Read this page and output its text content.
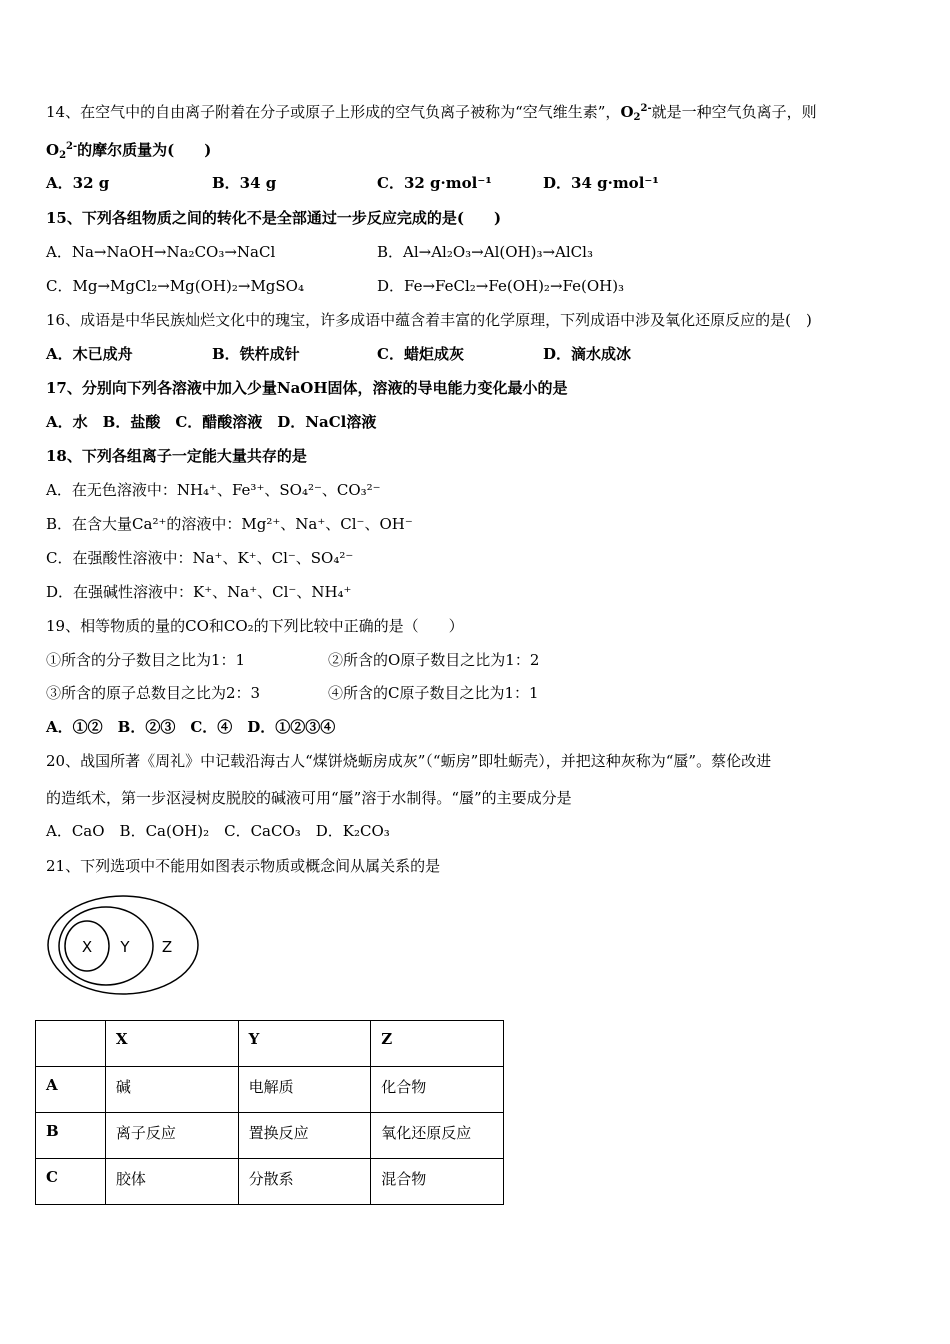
14、在空气中的自由离子附着在分子或原子上形成的空气负离子被称为“空气维生素”，$O_2^{2-}$就是一种空气负离子，则
$O_2^{2-}$的摩尔质量为(　　)
A．32 g	B．34 g	C．32 g·mol⁻¹	D．34 g·mol⁻¹
15、下列各组物质之间的转化不是全部通过一步反应完成的是(　　)
A．Na→NaOH→Na₂CO₃→NaCl	B．Al→Al₂O₃→Al(OH)₃→AlCl₃
C．Mg→MgCl₂→Mg(OH)₂→MgSO₄	D．Fe→FeCl₂→Fe(OH)₂→Fe(OH)₃
16、成语是中华民族灿烂文化中的瑰宝，许多成语中蕴含着丰富的化学原理，下列成语中涉及氧化还原反应的是(　)
A．木已成舟	B．铁杵成针	C．蜡炬成灰	D．滴水成冰
17、分别向下列各溶液中加入少量NaOH固体，溶液的导电能力变化最小的是
A．水　B．盐酸　C．醋酸溶液　D．NaCl溶液
18、下列各组离子一定能大量共存的是
A．在无色溶液中：NH₄⁺、Fe³⁺、SO₄²⁻、CO₃²⁻
B．在含大量Ca²⁺的溶液中：Mg²⁺、Na⁺、Cl⁻、OH⁻
C．在强酸性溶液中：Na⁺、K⁺、Cl⁻、SO₄²⁻
D．在强碱性溶液中：K⁺、Na⁺、Cl⁻、NH₄⁺
19、相等物质的量的CO和CO₂的下列比较中正确的是（　　）
①所含的分子数目之比为1：1	②所含的O原子数目之比为1：2
③所含的原子总数目之比为2：3	④所含的C原子数目之比为1：1
A．①②　B．②③　C．④　D．①②③④
20、战国所著《周礼》中记载沿海古人“煤饼烧蛎房成灰”（“蛎房”即牡蛎壳），并把这种灰称为“蜃”。蔡伦改进
的造纸术，第一步沤浸树皮脱胶的碱液可用“蜃”溶于水制得。“蜃”的主要成分是
A．CaO　B．Ca(OH)₂　C．CaCO₃　D．K₂CO₃
21、下列选项中不能用如图表示物质或概念间从属关系的是
X Y Z
	X	Y	Z
A	碱	电解质	化合物
B	离子反应	置换反应	氧化还原反应
C	胶体	分散系	混合物
